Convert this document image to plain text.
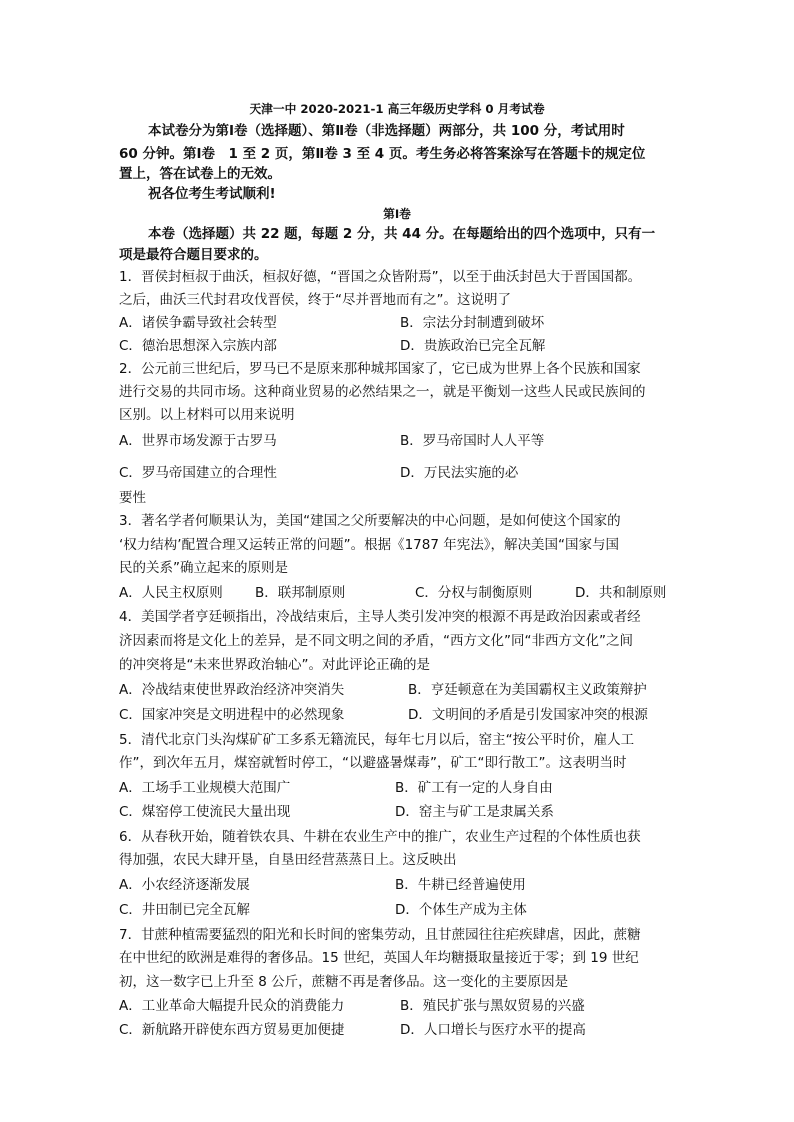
天津一中 2020-2021-1 高三年级历史学科 0 月考试卷
本试卷分为第Ⅰ卷（选择题）、第Ⅱ卷（非选择题）两部分，共 100 分，考试用时
60 分钟。第Ⅰ卷　1 至 2 页，第Ⅱ卷 3 至 4 页。考生务必将答案涂写在答题卡的规定位
置上，答在试卷上的无效。
祝各位考生考试顺利!
第Ⅰ卷
本卷（选择题）共 22 题，每题 2 分，共 44 分。在每题给出的四个选项中，只有一
项是最符合题目要求的。
1．晋侯封桓叔于曲沃，桓叔好德，“晋国之众皆附焉”，以至于曲沃封邑大于晋国国都。
之后，曲沃三代封君攻伐晋侯，终于“尽并晋地而有之”。这说明了
A．诸侯争霸导致社会转型	B．宗法分封制遭到破坏
C．德治思想深入宗族内部	D．贵族政治已完全瓦解
2．公元前三世纪后，罗马已不是原来那种城邦国家了，它已成为世界上各个民族和国家
进行交易的共同市场。这种商业贸易的必然结果之一，就是平衡划一这些人民或民族间的
区别。以上材料可以用来说明
A．世界市场发源于古罗马	B．罗马帝国时人人平等
C．罗马帝国建立的合理性	D．万民法实施的必
要性
3．著名学者何顺果认为，美国“建国之父所要解决的中心问题，是如何使这个国家的
‘权力结构’配置合理又运转正常的问题”。根据《1787 年宪法》，解决美国“国家与国
民的关系”确立起来的原则是
A．人民主权原则 B．联邦制原则	C．分权与制衡原则	D．共和制原则
4．美国学者亨廷顿指出，冷战结束后，主导人类引发冲突的根源不再是政治因素或者经
济因素而将是文化上的差异，是不同文明之间的矛盾，“西方文化”同“非西方文化”之间
的冲突将是“未来世界政治轴心”。对此评论正确的是
A．冷战结束使世界政治经济冲突消失	B．亨廷顿意在为美国霸权主义政策辩护
C．国家冲突是文明进程中的必然现象	D．文明间的矛盾是引发国家冲突的根源
5．清代北京门头沟煤矿矿工多系无籍流民，每年七月以后，窑主“按公平时价，雇人工
作”，到次年五月，煤窑就暂时停工，“以避盛暑煤毒”，矿工“即行散工”。这表明当时
A．工场手工业规模大范围广	B．矿工有一定的人身自由
C．煤窑停工使流民大量出现	D．窑主与矿工是隶属关系
6．从春秋开始，随着铁农具、牛耕在农业生产中的推广，农业生产过程的个体性质也获
得加强，农民大肆开垦，自垦田经营蒸蒸日上。这反映出
A．小农经济逐渐发展	B．牛耕已经普遍使用
C．井田制已完全瓦解	D．个体生产成为主体
7．甘蔗种植需要猛烈的阳光和长时间的密集劳动，且甘蔗园往往疟疾肆虐，因此，蔗糖
在中世纪的欧洲是难得的奢侈品。15 世纪，英国人年均糖摄取量接近于零；到 19 世纪
初，这一数字已上升至 8 公斤，蔗糖不再是奢侈品。这一变化的主要原因是
A．工业革命大幅提升民众的消费能力	B．殖民扩张与黑奴贸易的兴盛
C．新航路开辟使东西方贸易更加便捷	D．人口增长与医疗水平的提高
